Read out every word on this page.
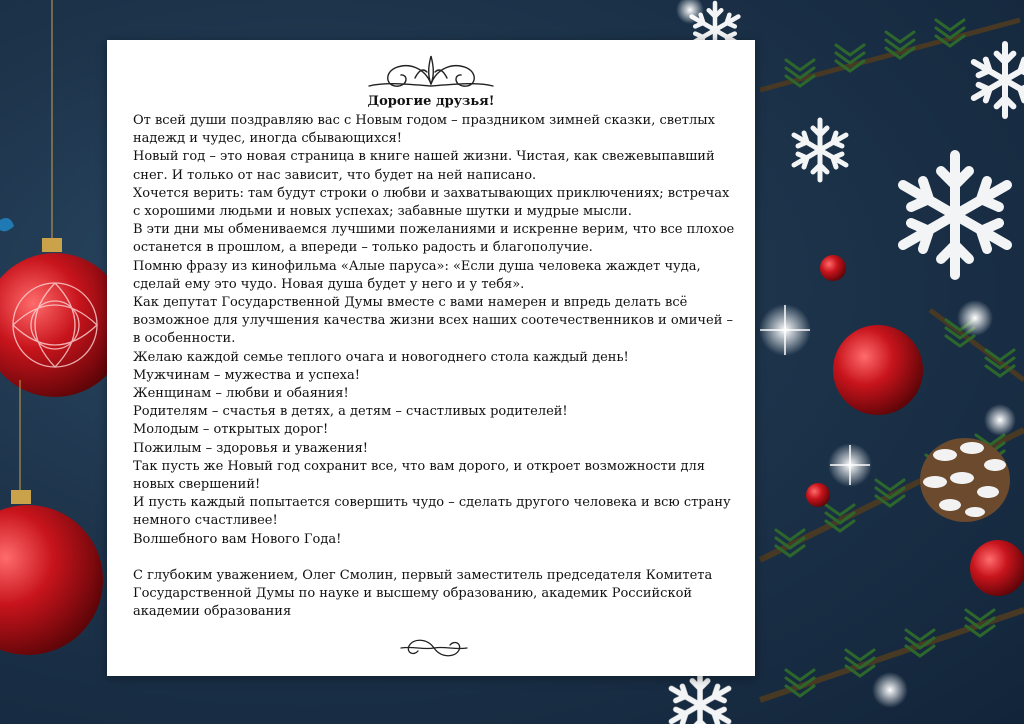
Дорогие друзья!

От всей души поздравляю вас с Новым годом – праздником зимней сказки, светлых надежд и чудес, иногда сбывающихся!

Новый год – это новая страница в книге нашей жизни. Чистая, как свежевыпавший снег. И только от нас зависит, что будет на ней написано.

Хочется верить: там будут строки о любви и захватывающих приключениях; встречах с хорошими людьми и новых успехах; забавные шутки и мудрые мысли.

В эти дни мы обмениваемся лучшими пожеланиями и искренне верим, что все плохое останется в прошлом, а впереди – только радость и благополучие.

Помню фразу из кинофильма «Алые паруса»: «Если душа человека жаждет чуда, сделай ему это чудо. Новая душа будет у него и у тебя».

Как депутат Государственной Думы вместе с вами намерен и впредь делать всё возможное для улучшения качества жизни всех наших соотечественников и омичей – в особенности.

Желаю каждой семье теплого очага и новогоднего стола каждый день!

Мужчинам – мужества и успеха!

Женщинам – любви и обаяния!

Родителям – счастья в детях, а детям – счастливых родителей!

Молодым – открытых дорог!

Пожилым – здоровья и уважения!

Так пусть же Новый год сохранит все, что вам дорого, и откроет возможности для новых свершений!

И пусть каждый попытается совершить чудо – сделать другого человека и всю страну немного счастливее!

Волшебного вам Нового Года!

С глубоким уважением, Олег Смолин, первый заместитель председателя Комитета Государственной Думы по науке и высшему образованию, академик Российской академии образования
